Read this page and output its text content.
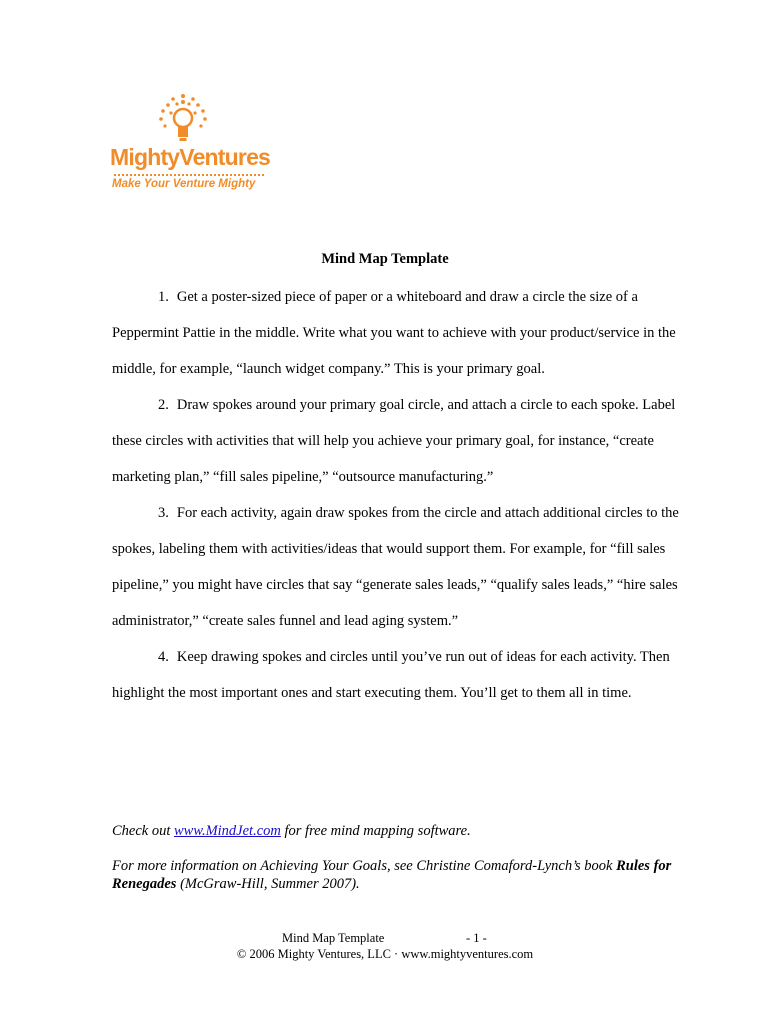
MightyVentures
Make Your Venture Mighty
Mind Map Template

1. Get a poster-sized piece of paper or a whiteboard and draw a circle the size of a Peppermint Pattie in the middle. Write what you want to achieve with your product/service in the middle, for example, “launch widget company.” This is your primary goal.

2. Draw spokes around your primary goal circle, and attach a circle to each spoke. Label these circles with activities that will help you achieve your primary goal, for instance, “create marketing plan,” “fill sales pipeline,” “outsource manufacturing.”

3. For each activity, again draw spokes from the circle and attach additional circles to the spokes, labeling them with activities/ideas that would support them. For example, for “fill sales pipeline,” you might have circles that say “generate sales leads,” “qualify sales leads,” “hire sales administrator,” “create sales funnel and lead aging system.”

4. Keep drawing spokes and circles until you’ve run out of ideas for each activity. Then highlight the most important ones and start executing them. You’ll get to them all in time.

Check out www.MindJet.com for free mind mapping software.

For more information on Achieving Your Goals, see Christine Comaford-Lynch’s book Rules for Renegades (McGraw-Hill, Summer 2007).

Mind Map Template	- 1 -
© 2006 Mighty Ventures, LLC · www.mightyventures.com
